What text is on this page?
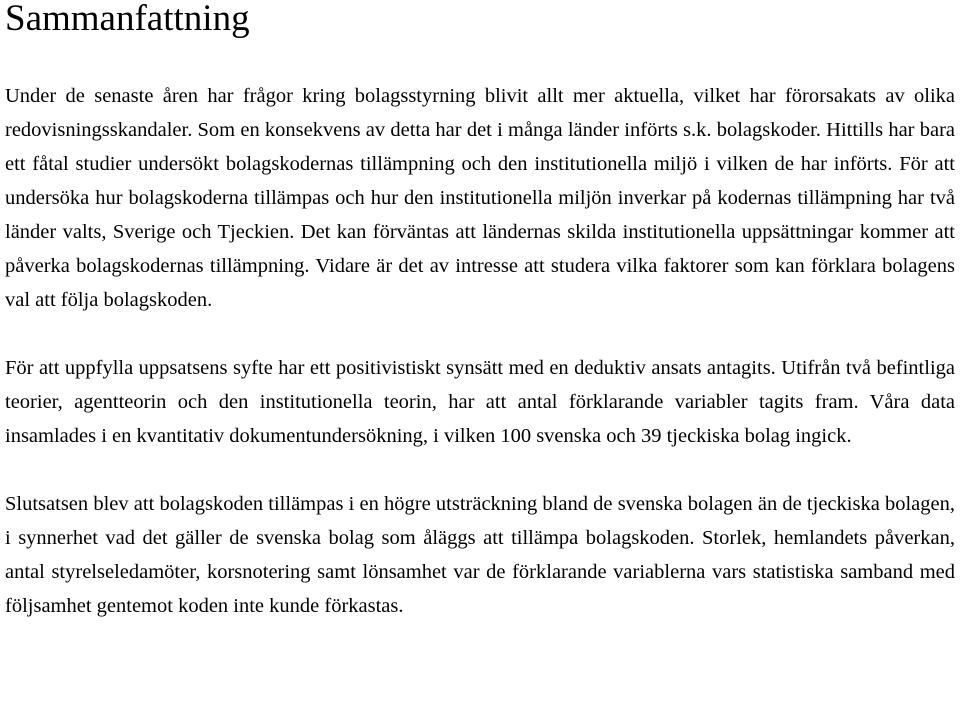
Sammanfattning

Under de senaste åren har frågor kring bolagsstyrning blivit allt mer aktuella, vilket har förorsakats av olika redovisningsskandaler. Som en konsekvens av detta har det i många länder införts s.k. bolagskoder. Hittills har bara ett fåtal studier undersökt bolagskodernas tillämpning och den institutionella miljö i vilken de har införts. För att undersöka hur bolagskoderna tillämpas och hur den institutionella miljön inverkar på kodernas tillämpning har två länder valts, Sverige och Tjeckien. Det kan förväntas att ländernas skilda institutionella uppsättningar kommer att påverka bolagskodernas tillämpning. Vidare är det av intresse att studera vilka faktorer som kan förklara bolagens val att följa bolagskoden.

För att uppfylla uppsatsens syfte har ett positivistiskt synsätt med en deduktiv ansats antagits. Utifrån två befintliga teorier, agentteorin och den institutionella teorin, har att antal förklarande variabler tagits fram. Våra data insamlades i en kvantitativ dokumentundersökning, i vilken 100 svenska och 39 tjeckiska bolag ingick.

Slutsatsen blev att bolagskoden tillämpas i en högre utsträckning bland de svenska bolagen än de tjeckiska bolagen, i synnerhet vad det gäller de svenska bolag som åläggs att tillämpa bolagskoden. Storlek, hemlandets påverkan, antal styrelseledamöter, korsnotering samt lönsamhet var de förklarande variablerna vars statistiska samband med följsamhet gentemot koden inte kunde förkastas.
